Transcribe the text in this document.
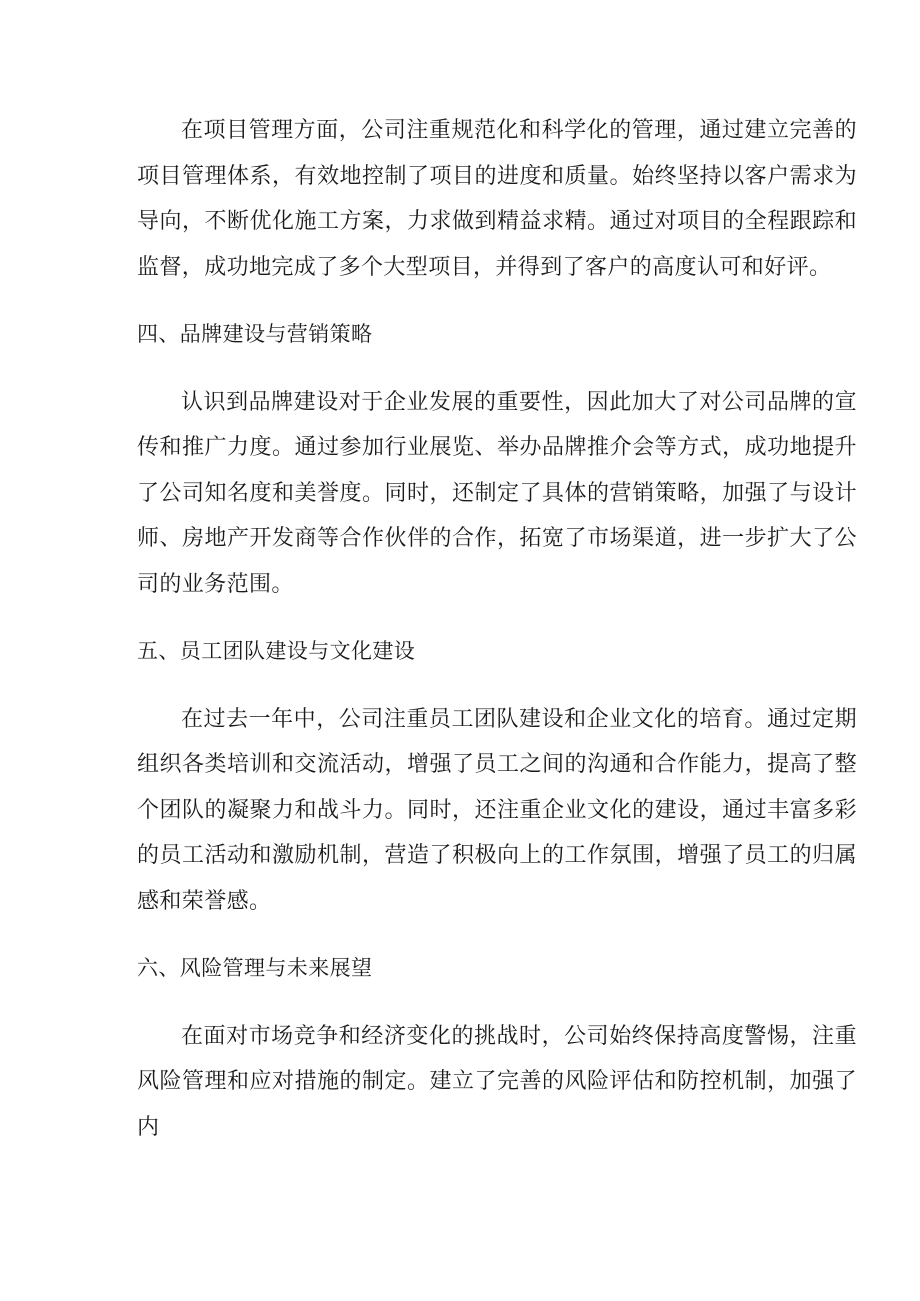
在项目管理方面，公司注重规范化和科学化的管理，通过建立完善的项目管理体系，有效地控制了项目的进度和质量。始终坚持以客户需求为导向，不断优化施工方案，力求做到精益求精。通过对项目的全程跟踪和监督，成功地完成了多个大型项目，并得到了客户的高度认可和好评。

四、品牌建设与营销策略

认识到品牌建设对于企业发展的重要性，因此加大了对公司品牌的宣传和推广力度。通过参加行业展览、举办品牌推介会等方式，成功地提升了公司知名度和美誉度。同时，还制定了具体的营销策略，加强了与设计师、房地产开发商等合作伙伴的合作，拓宽了市场渠道，进一步扩大了公司的业务范围。

五、员工团队建设与文化建设

在过去一年中，公司注重员工团队建设和企业文化的培育。通过定期组织各类培训和交流活动，增强了员工之间的沟通和合作能力，提高了整个团队的凝聚力和战斗力。同时，还注重企业文化的建设，通过丰富多彩的员工活动和激励机制，营造了积极向上的工作氛围，增强了员工的归属感和荣誉感。

六、风险管理与未来展望

在面对市场竞争和经济变化的挑战时，公司始终保持高度警惕，注重风险管理和应对措施的制定。建立了完善的风险评估和防控机制，加强了内
